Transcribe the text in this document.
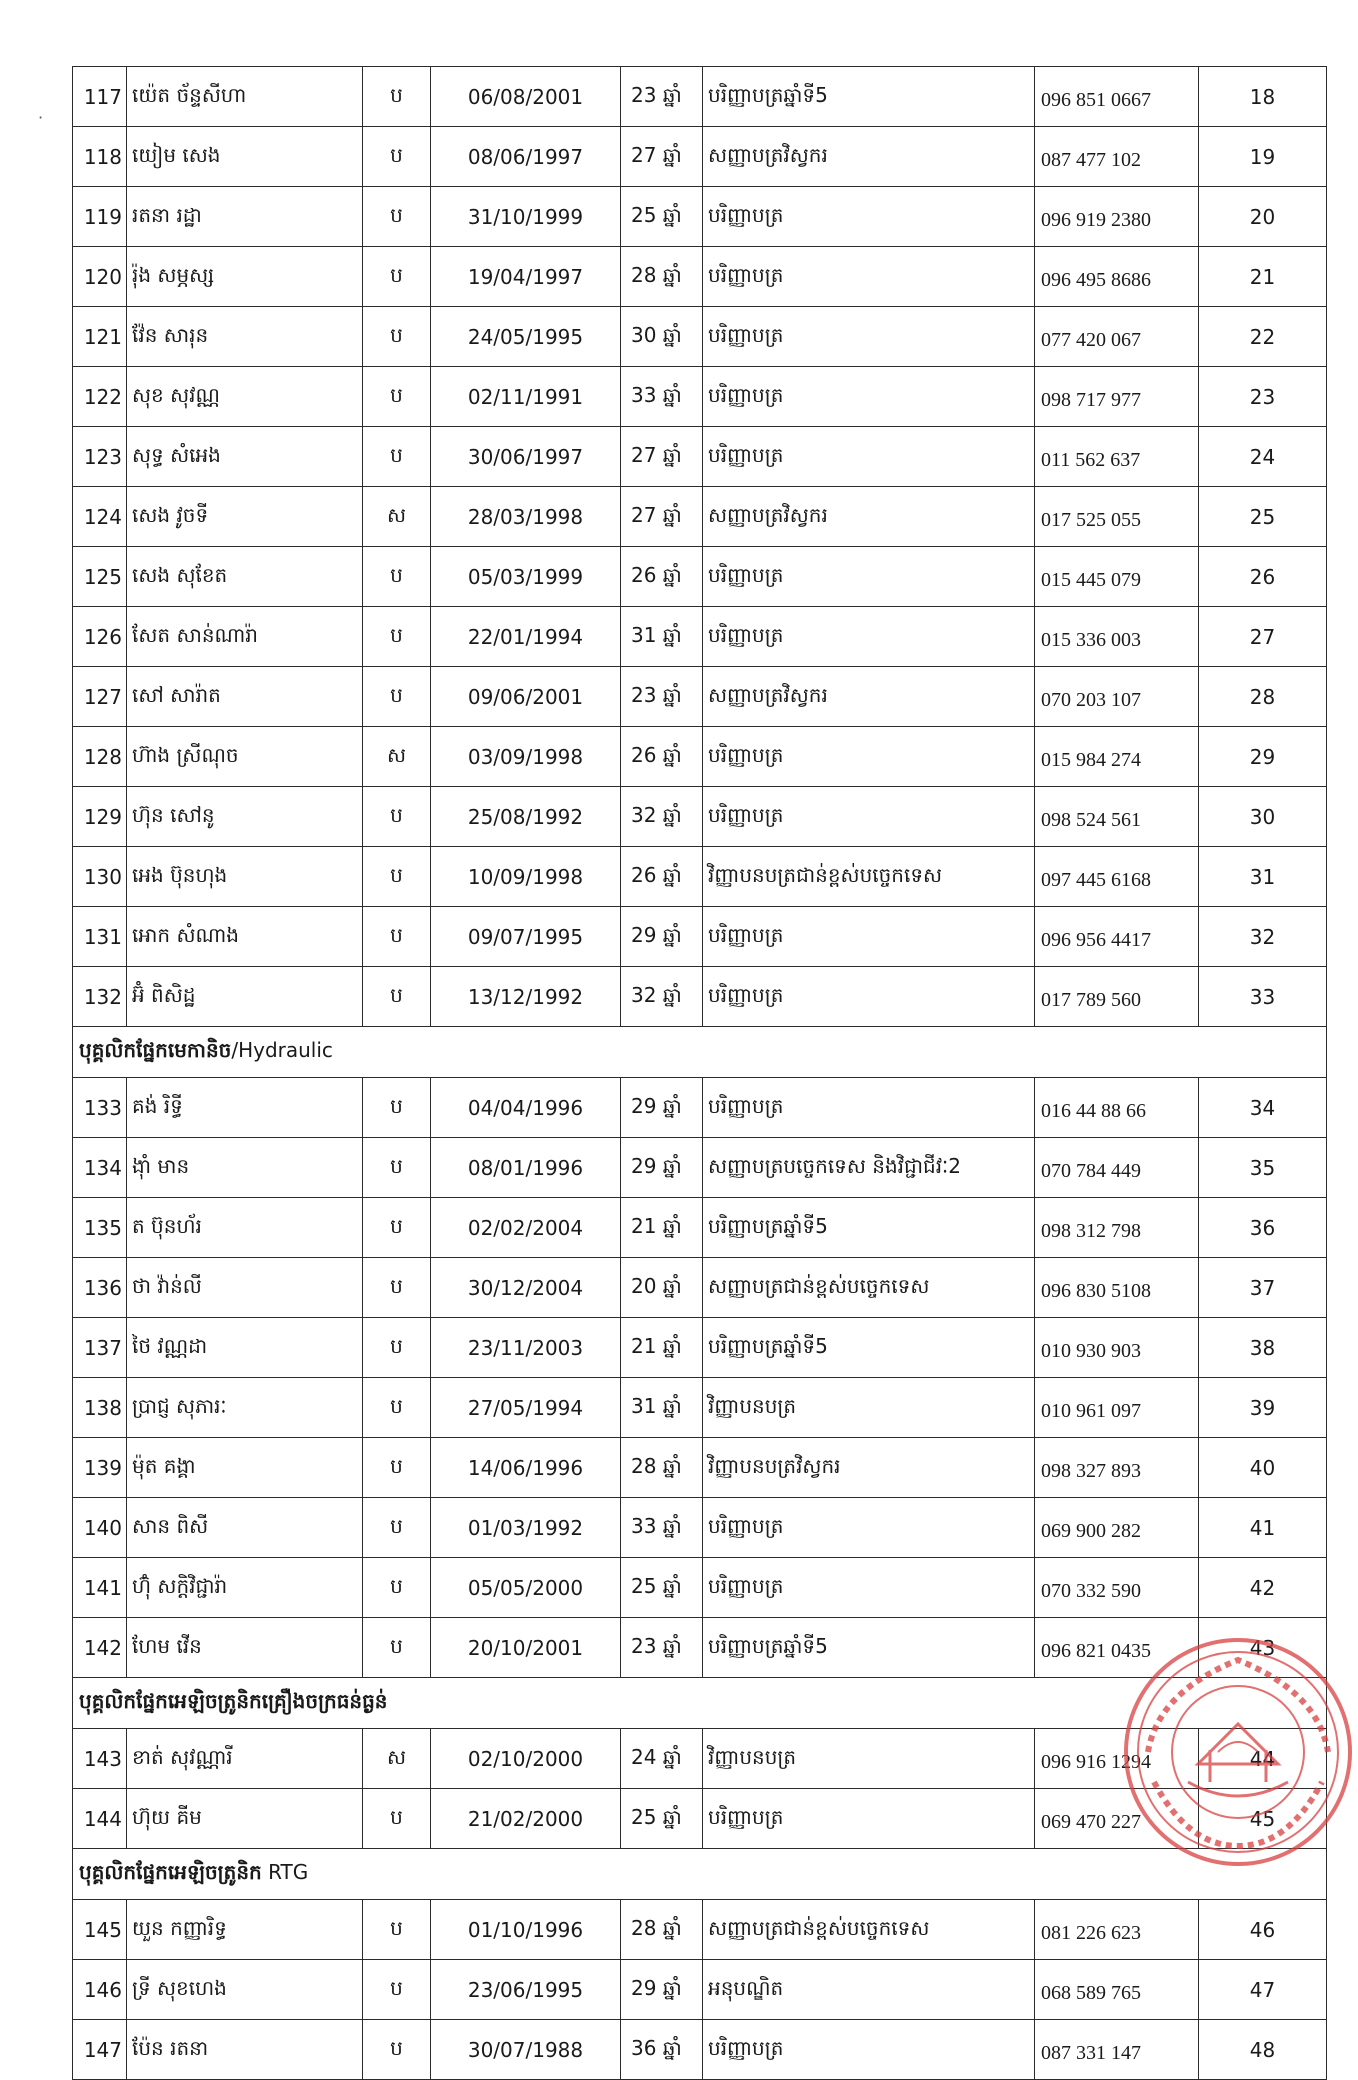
117	យ៉េត ច័ន្ទសីហា	ប	06/08/2001	23 ឆ្នាំ	បរិញ្ញាបត្រឆ្នាំទី5	096 851 0667	18
118	យៀម សេង	ប	08/06/1997	27 ឆ្នាំ	សញ្ញាបត្រវិស្វករ	087 477 102	19
119	រតនា រដ្ឋា	ប	31/10/1999	25 ឆ្នាំ	បរិញ្ញាបត្រ	096 919 2380	20
120	រ៉ុង សម្ភស្ស	ប	19/04/1997	28 ឆ្នាំ	បរិញ្ញាបត្រ	096 495 8686	21
121	វ៉ែន សារុន	ប	24/05/1995	30 ឆ្នាំ	បរិញ្ញាបត្រ	077 420 067	22
122	សុខ សុវណ្ណ	ប	02/11/1991	33 ឆ្នាំ	បរិញ្ញាបត្រ	098 717 977	23
123	សុទ្ធ សំអេង	ប	30/06/1997	27 ឆ្នាំ	បរិញ្ញាបត្រ	011 562 637	24
124	សេង វូចទី	ស	28/03/1998	27 ឆ្នាំ	សញ្ញាបត្រវិស្វករ	017 525 055	25
125	សេង សុខែត	ប	05/03/1999	26 ឆ្នាំ	បរិញ្ញាបត្រ	015 445 079	26
126	សែត សាន់ណារ៉ា	ប	22/01/1994	31 ឆ្នាំ	បរិញ្ញាបត្រ	015 336 003	27
127	សៅ សារ៉ាត	ប	09/06/2001	23 ឆ្នាំ	សញ្ញាបត្រវិស្វករ	070 203 107	28
128	ហ៊ាង ស្រីណុច	ស	03/09/1998	26 ឆ្នាំ	បរិញ្ញាបត្រ	015 984 274	29
129	ហ៊ុន សៅនូ	ប	25/08/1992	32 ឆ្នាំ	បរិញ្ញាបត្រ	098 524 561	30
130	អេង ប៊ុនហុង	ប	10/09/1998	26 ឆ្នាំ	វិញ្ញាបនបត្រជាន់ខ្ពស់បច្ចេកទេស	097 445 6168	31
131	អោក សំណាង	ប	09/07/1995	29 ឆ្នាំ	បរិញ្ញាបត្រ	096 956 4417	32
132	អ៊ំ ពិសិដ្ឋ	ប	13/12/1992	32 ឆ្នាំ	បរិញ្ញាបត្រ	017 789 560	33
បុគ្គលិកផ្នែកមេកានិច/Hydraulic							
133	គង់ រិទ្ធី	ប	04/04/1996	29 ឆ្នាំ	បរិញ្ញាបត្រ	016 44 88 66	34
134	ង៉ាំ មាន	ប	08/01/1996	29 ឆ្នាំ	សញ្ញាបត្របច្ចេកទេស និងវិជ្ជាជីវៈ2	070 784 449	35
135	ត ប៊ុនហ័រ	ប	02/02/2004	21 ឆ្នាំ	បរិញ្ញាបត្រឆ្នាំទី5	098 312 798	36
136	ថា វ៉ាន់លី	ប	30/12/2004	20 ឆ្នាំ	សញ្ញាបត្រជាន់ខ្ពស់បច្ចេកទេស	096 830 5108	37
137	ថៃ វណ្ណដា	ប	23/11/2003	21 ឆ្នាំ	បរិញ្ញាបត្រឆ្នាំទី5	010 930 903	38
138	ប្រាជ្ញ សុភារៈ	ប	27/05/1994	31 ឆ្នាំ	វិញ្ញាបនបត្រ	010 961 097	39
139	ម៉ុត គង្គា	ប	14/06/1996	28 ឆ្នាំ	វិញ្ញាបនបត្រវិស្វករ	098 327 893	40
140	សាន ពិសី	ប	01/03/1992	33 ឆ្នាំ	បរិញ្ញាបត្រ	069 900 282	41
141	ហ៊ុំ សក្តិវិជ្ជារ៉ា	ប	05/05/2000	25 ឆ្នាំ	បរិញ្ញាបត្រ	070 332 590	42
142	ហែម វើន	ប	20/10/2001	23 ឆ្នាំ	បរិញ្ញាបត្រឆ្នាំទី5	096 821 0435	43
បុគ្គលិកផ្នែកអេឡិចត្រូនិកគ្រឿងចក្រធន់ធ្ងន់							
143	ខាត់ សុវណ្ណារី	ស	02/10/2000	24 ឆ្នាំ	វិញ្ញាបនបត្រ	096 916 1294	44
144	ហ៊ុយ គីម	ប	21/02/2000	25 ឆ្នាំ	បរិញ្ញាបត្រ	069 470 227	45
បុគ្គលិកផ្នែកអេឡិចត្រូនិក RTG							
145	យួន កញ្ញារិទ្ធ	ប	01/10/1996	28 ឆ្នាំ	សញ្ញាបត្រជាន់ខ្ពស់បច្ចេកទេស	081 226 623	46
146	ទ្រី សុខហេង	ប	23/06/1995	29 ឆ្នាំ	អនុបណ្ឌិត	068 589 765	47
147	ប៉ែន រតនា	ប	30/07/1988	36 ឆ្នាំ	បរិញ្ញាបត្រ	087 331 147	48
·
